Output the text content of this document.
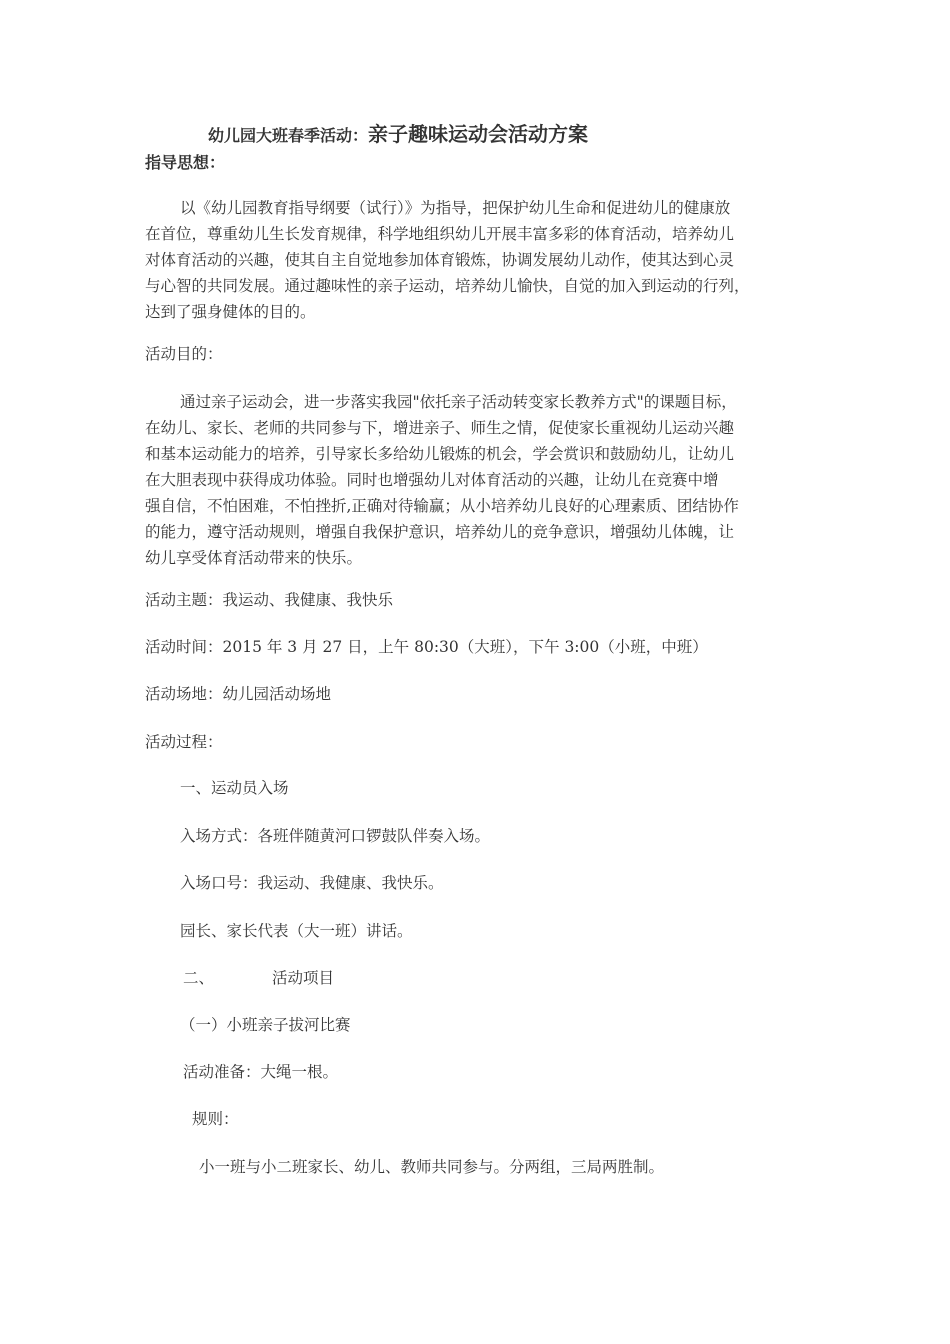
幼儿园大班春季活动：亲子趣味运动会活动方案
指导思想：
以《幼儿园教育指导纲要（试行）》为指导，把保护幼儿生命和促进幼儿的健康放
在首位，尊重幼儿生长发育规律，科学地组织幼儿开展丰富多彩的体育活动，培养幼儿
对体育活动的兴趣，使其自主自觉地参加体育锻炼，协调发展幼儿动作，使其达到心灵
与心智的共同发展。通过趣味性的亲子运动，培养幼儿愉快，自觉的加入到运动的行列，
达到了强身健体的目的。
活动目的：
通过亲子运动会，进一步落实我园"依托亲子活动转变家长教养方式"的课题目标，
在幼儿、家长、老师的共同参与下，增进亲子、师生之情，促使家长重视幼儿运动兴趣
和基本运动能力的培养，引导家长多给幼儿锻炼的机会，学会赏识和鼓励幼儿，让幼儿
在大胆表现中获得成功体验。同时也增强幼儿对体育活动的兴趣，让幼儿在竞赛中增
强自信，不怕困难，不怕挫折,正确对待输赢；从小培养幼儿良好的心理素质、团结协作
的能力，遵守活动规则，增强自我保护意识，培养幼儿的竞争意识，增强幼儿体魄，让
幼儿享受体育活动带来的快乐。
活动主题：我运动、我健康、我快乐
活动时间：2015 年 3 月 27 日，上午 80:30（大班），下午 3:00（小班，中班）
活动场地：幼儿园活动场地
活动过程：
一、运动员入场
入场方式：各班伴随黄河口锣鼓队伴奏入场。
入场口号：我运动、我健康、我快乐。
园长、家长代表（大一班）讲话。
二、	活动项目
（一）小班亲子拔河比赛
活动准备：大绳一根。
规则：
小一班与小二班家长、幼儿、教师共同参与。分两组，三局两胜制。
